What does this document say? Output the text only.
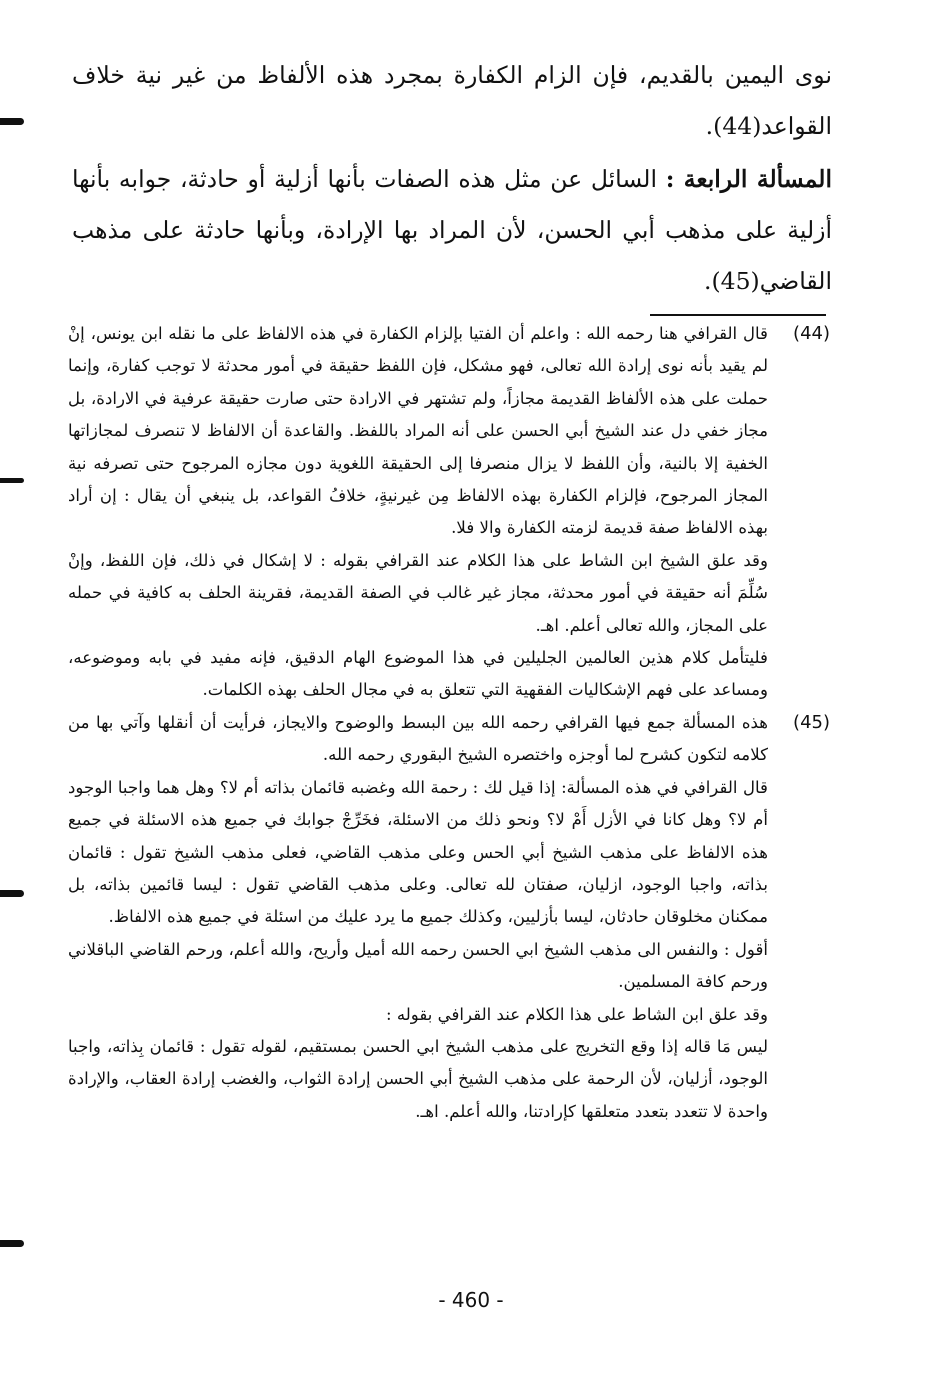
نوى اليمين بالقديم، فإن الزام الكفارة بمجرد هذه الألفاظ من غير نية خلاف القواعد(44).

المسألة الرابعة : السائل عن مثل هذه الصفات بأنها أزلية أو حادثة، جوابه بأنها أزلية على مذهب أبي الحسن، لأن المراد بها الإرادة، وبأنها حادثة على مذهب القاضي(45).

(44)

قال القرافي هنا رحمه الله : واعلم أن الفتيا بإلزام الكفارة في هذه الالفاظ على ما نقله ابن يونس، إنْ لم يقيد بأنه نوى إرادة الله تعالى، فهو مشكل، فإن اللفظ حقيقة في أمور محدثة لا توجب كفارة، وإنما حملت على هذه الألفاظ القديمة مجازاً، ولم تشتهر في الارادة حتى صارت حقيقة عرفية في الارادة، بل مجاز خفي دل عند الشيخ أبي الحسن على أنه المراد باللفظ. والقاعدة أن الالفاظ لا تنصرف لمجازاتها الخفية إلا بالنية، وأن اللفظ لا يزال منصرفا إلى الحقيقة اللغوية دون مجازه المرجوح حتى تصرفه نية المجاز المرجوح، فإلزام الكفارة بهذه الالفاظ مِن غيرنيةٍ، خلافُ القواعد، بل ينبغي أن يقال : إن أراد بهذه الالفاظ صفة قديمة لزمته الكفارة والا فلا.

وقد علق الشيخ ابن الشاط على هذا الكلام عند القرافي بقوله : لا إشكال في ذلك، فإن اللفظ، وإنْ سُلِّمَ أنه حقيقة في أمور محدثة، مجاز غير غالب في الصفة القديمة، فقرينة الحلف به كافية في حمله على المجاز، والله تعالى أعلم. اهـ.

فليتأمل كلام هذين العالمين الجليلين في هذا الموضوع الهام الدقيق، فإنه مفيد في بابه وموضوعه، ومساعد على فهم الإشكاليات الفقهية التي تتعلق به في مجال الحلف بهذه الكلمات.

(45)

هذه المسألة جمع فيها القرافي رحمه الله بين البسط والوضوح والايجاز، فرأيت أن أنقلها وآتي بها من كلامه لتكون كشرح لما أوجزه واختصره الشيخ البقوري رحمه الله.

قال القرافي في هذه المسألة: إذا قيل لك : رحمة الله وغضبه قائمان بذاته أم لا؟ وهل هما واجبا الوجود أم لا؟ وهل كانا في الأزل أَمْ لا؟ ونحو ذلك من الاسئلة، فخَرِّجْ جوابك في جميع هذه الاسئلة في جميع هذه الالفاظ على مذهب الشيخ أبي الحس وعلى مذهب القاضي، فعلى مذهب الشيخ تقول : قائمان بذاته، واجبا الوجود، ازليان، صفتان لله تعالى. وعلى مذهب القاضي تقول : ليسا قائمين بذاته، بل ممكنان مخلوقان حادثان، ليسا بأزليين، وكذلك جميع ما يرد عليك من اسئلة في جميع هذه الالفاظ.

أقول : والنفس الى مذهب الشيخ ابي الحسن رحمه الله أميل وأريح، والله أعلم، ورحم القاضي الباقلاني ورحم كافة المسلمين.

وقد علق ابن الشاط على هذا الكلام عند القرافي بقوله :

ليس مَا قاله إذا وقع التخريج على مذهب الشيخ ابي الحسن بمستقيم، لقوله تقول : قائمان بِذاته، واجبا الوجود، أزليان، لأن الرحمة على مذهب الشيخ أبي الحسن إرادة الثواب، والغضب إرادة العقاب، والإرادة واحدة لا تتعدد بتعدد متعلقها كإرادتنا، والله أعلم. اهـ.

- 460 -
